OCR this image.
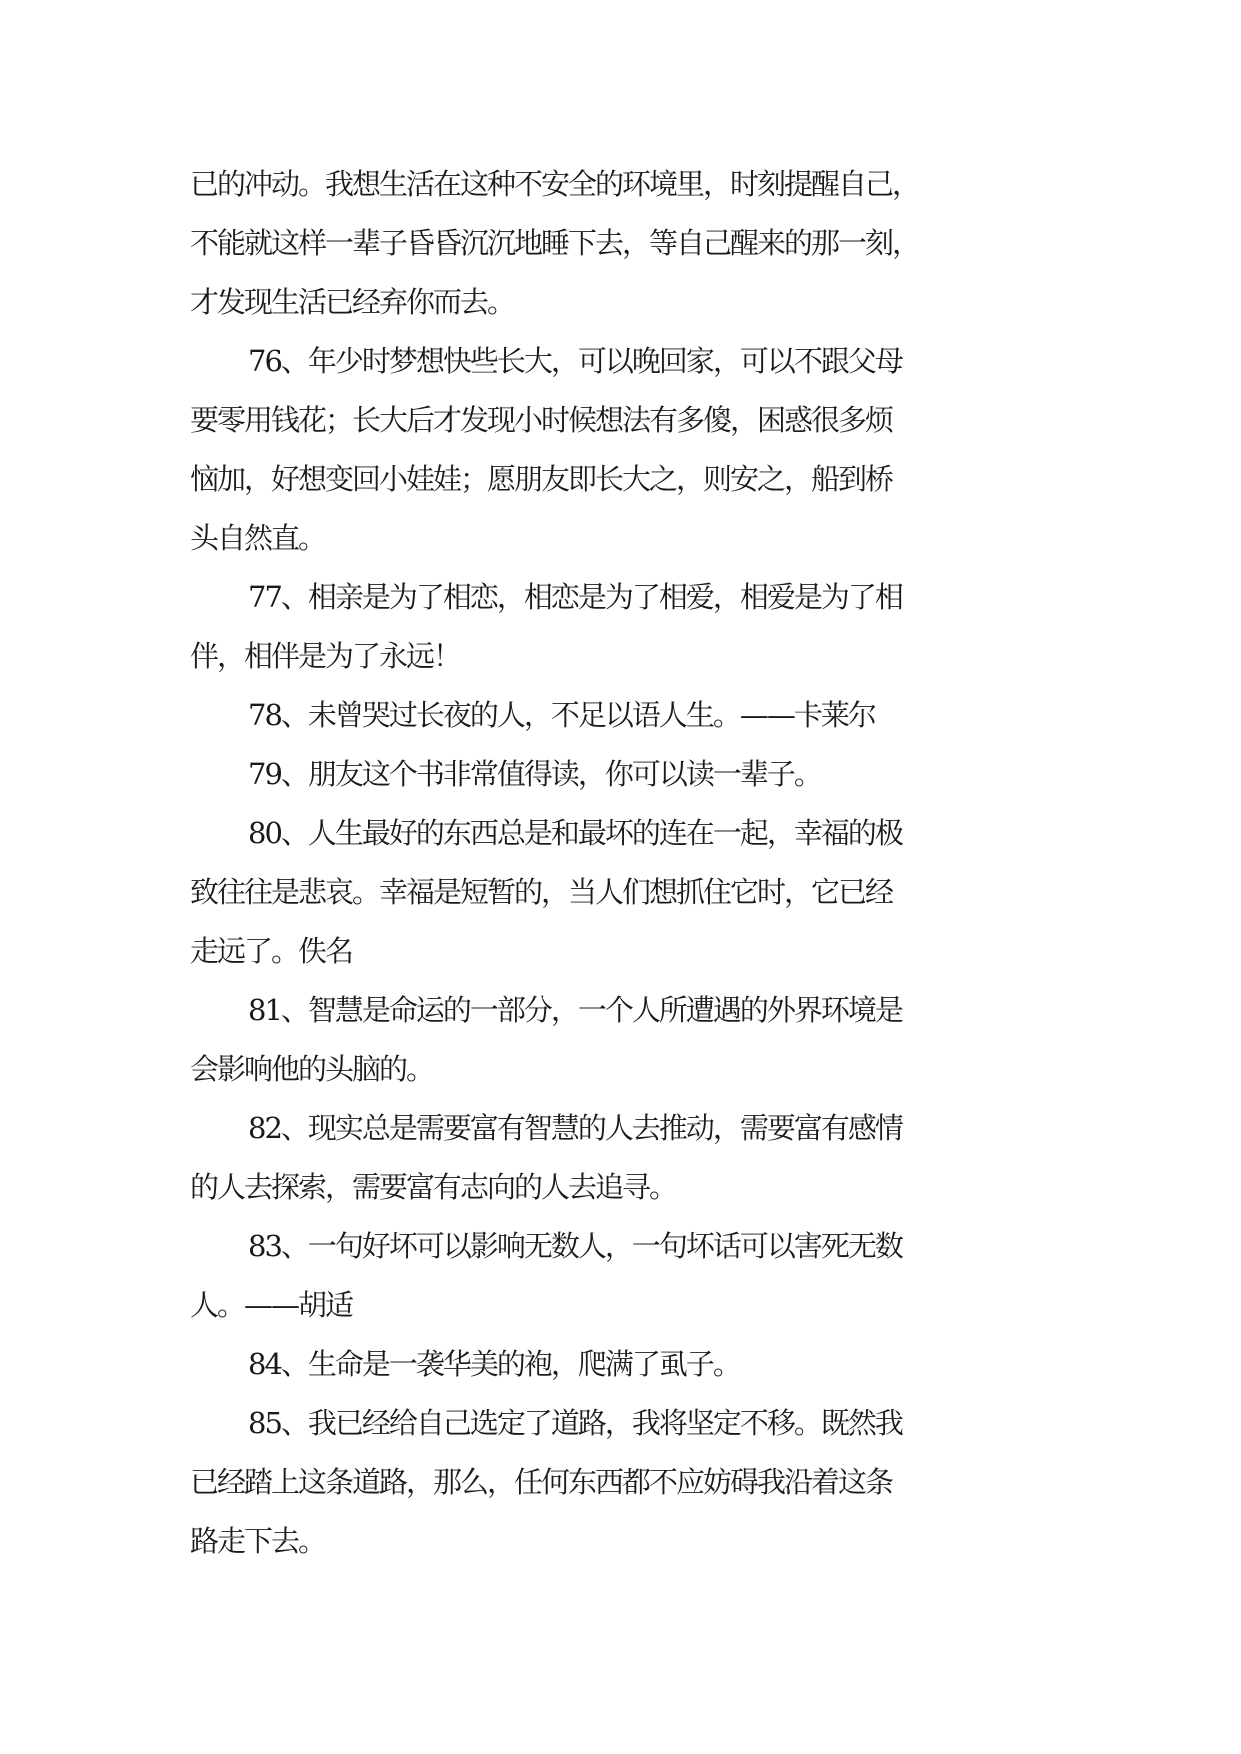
已的冲动。我想生活在这种不安全的环境里，时刻提醒自己，
不能就这样一辈子昏昏沉沉地睡下去，等自己醒来的那一刻，
才发现生活已经弃你而去。
76、年少时梦想快些长大，可以晚回家，可以不跟父母
要零用钱花；长大后才发现小时候想法有多傻，困惑很多烦
恼加，好想变回小娃娃；愿朋友即长大之，则安之，船到桥
头自然直。
77、相亲是为了相恋，相恋是为了相爱，相爱是为了相
伴，相伴是为了永远！
78、未曾哭过长夜的人，不足以语人生。——卡莱尔
79、朋友这个书非常值得读，你可以读一辈子。
80、人生最好的东西总是和最坏的连在一起，幸福的极
致往往是悲哀。幸福是短暂的，当人们想抓住它时，它已经
走远了。佚名
81、智慧是命运的一部分，一个人所遭遇的外界环境是
会影响他的头脑的。
82、现实总是需要富有智慧的人去推动，需要富有感情
的人去探索，需要富有志向的人去追寻。
83、一句好坏可以影响无数人，一句坏话可以害死无数
人。——胡适
84、生命是一袭华美的袍，爬满了虱子。
85、我已经给自己选定了道路，我将坚定不移。既然我
已经踏上这条道路，那么，任何东西都不应妨碍我沿着这条
路走下去。
